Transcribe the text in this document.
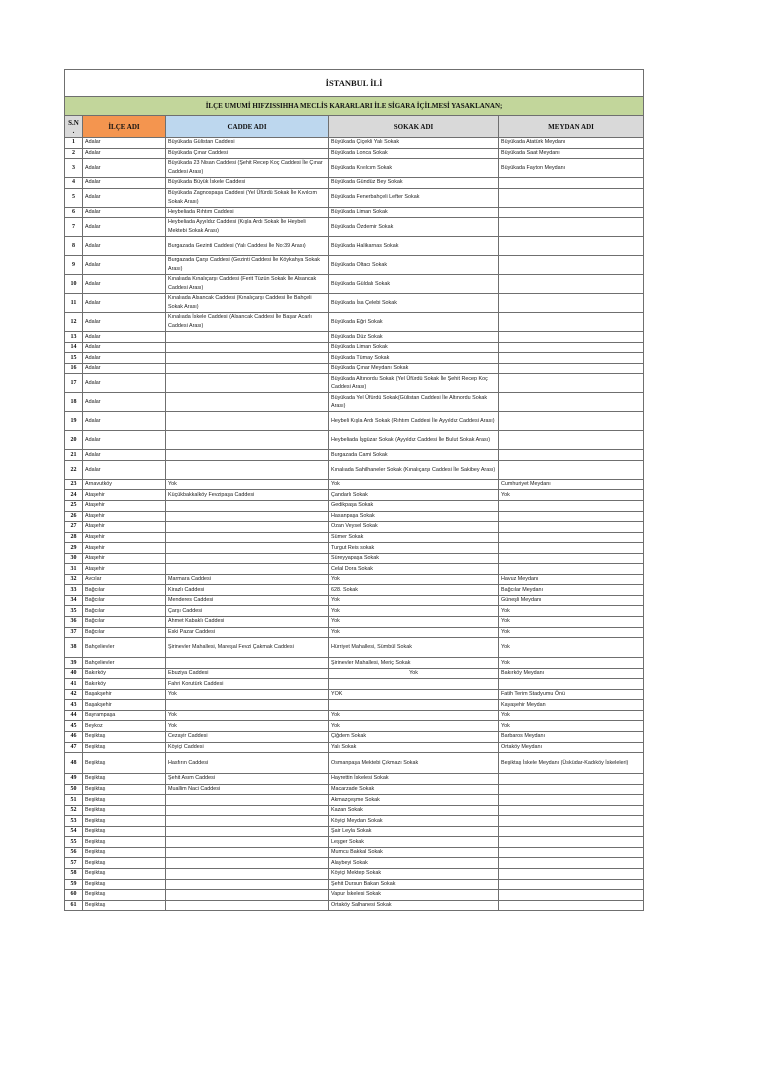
İSTANBUL İLİ				
İLÇE UMUMİ HIFZISSIHHA MECLİS KARARLARI İLE SİGARA İÇİLMESİ YASAKLANAN;				
S.N .	İLÇE ADI	CADDE ADI	SOKAK ADI	MEYDAN ADI
1	Adalar	Büyükada Gülistan Caddesi	Büyükada Çiçekli Yalı Sokak	Büyükada Atatürk Meydanı
2	Adalar	Büyükada Çınar Caddesi	Büyükada Lonca Sokak	Büyükada Saat Meydanı
3	Adalar	Büyükada 23 Nisan Caddesi (Şehit Recep Koç Caddesi İle Çınar Caddesi Arası)	Büyükada Kıvılcım Sokak	Büyükada Fayton Meydanı
4	Adalar	Büyükada Büyük İskele Caddesi	Büyükada Gündüz Bey Sokak	
5	Adalar	Büyükada Zagnospaşa Caddesi (Yel Üfürdü Sokak İle Kıvılcım Sokak Arası)	Büyükada Fenerbahçeli Lefter Sokak	
6	Adalar	Heybeliada Rıhtım Caddesi	Büyükada Liman Sokak	
7	Adalar	Heybeliada Ayyıldız Caddesi (Kışla Ardı Sokak İle Heybeli Mektebi Sokak Arası)	Büyükada Özdemir Sokak	
8	Adalar	Burgazada Gezinti Caddesi (Yalı Caddesi İle No:39 Arası)	Büyükada Halikarnas Sokak	
9	Adalar	Burgazada Çarşı Caddesi (Gezinti Caddesi İle Köykahya Sokak Arası)	Büyükada Oltacı Sokak	
10	Adalar	Kınalıada Kınalıçarşı Caddesi (Ferit Tüzün Sokak İle Alsancak Caddesi Arası)	Büyükada Güldalı Sokak	
11	Adalar	Kınalıada Alsancak Caddesi (Kınalıçarşı Caddesi İle Bahçeli Sokak Arası)	Büyükada İsa Çelebi Sokak	
12	Adalar	Kınalıada İskele Caddesi (Alsancak Caddesi İle Başar Acarlı Caddesi Arası)	Büyükada Eğri Sokak	
13	Adalar		Büyükada Düz Sokak	
14	Adalar		Büyükada Liman Sokak	
15	Adalar		Büyükada Tümay Sokak	
16	Adalar		Büyükada Çınar Meydanı Sokak	
17	Adalar		Büyükada Altınordu Sokak (Yel Üfürdü Sokak İle Şehit Recep Koç Caddesi Arası)	
18	Adalar		Büyükada Yel Üfürdü Sokak(Gülistan Caddesi İle Altınordu Sokak Arası)	
19	Adalar		Heybeli Kışla Ardı Sokak (Rıhtım Caddesi İle Ayyıldız Caddesi Arası)	
20	Adalar		Heybeliada İşgüzar Sokak (Ayyıldız Caddesi İle Bulut Sokak Arası)	
21	Adalar		Burgazada Cami Sokak	
22	Adalar		Kınalıada Sahilhaneler Sokak (Kınalıçarşı Caddesi İle Sakibey Arası)	
23	Arnavutköy	Yok	Yok	Cumhuriyet Meydanı
24	Ataşehir	Küçükbakkalköy Fevzipaşa Caddesi	Çandarlı Sokak	Yok
25	Ataşehir		Gedikpaşa Sokak	
26	Ataşehir		Hasanpaşa Sokak	
27	Ataşehir		Ozan Veysel Sokak	
28	Ataşehir		Sümer Sokak	
29	Ataşehir		Turgut Reis sokak	
30	Ataşehir		Süreyyapaşa Sokak	
31	Ataşehir		Celal Dora Sokak	
32	Avcılar	Marmara Caddesi	Yok	Havuz Meydanı
33	Bağcılar	Kirazlı Caddesi	628. Sokak	Bağcılar Meydanı
34	Bağcılar	Menderes Caddesi	Yok	Güneşli Meydanı
35	Bağcılar	Çarşı Caddesi	Yok	Yok
36	Bağcılar	Ahmet Kabaklı Caddesi	Yok	Yok
37	Bağcılar	Eski Pazar Caddesi	Yok	Yok
38	Bahçelievler	Şirinevler Mahallesi, Mareşal Fevzi Çakmak Caddesi	Hürriyet Mahallesi, Sümbül Sokak	Yok
39	Bahçelievler		Şirinevler Mahallesi, Meriç Sokak	Yok
40	Bakırköy	Ebuziya Caddesi	Yok	Bakırköy Meydanı
41	Bakırköy	Fahri Korutürk Caddesi		
42	Başakşehir	Yok	YOK	Fatih Terim Stadyumu Önü
43	Başakşehir			Kayaşehir Meydan
44	Bayrampaşa	Yok	Yok	Yok
45	Beykoz	Yok	Yok	Yok
46	Beşiktaş	Cezayir Caddesi	Çiğdem Sokak	Barbaros Meydanı
47	Beşiktaş	Köyiçi Caddesi	Yalı Sokak	Ortaköy Meydanı
48	Beşiktaş	Hasfırın Caddesi	Osmanpaşa Mektebi Çıkmazı Sokak	Beşiktaş İskele Meydanı (Üsküdar-Kadıköy İskeleleri)
49	Beşiktaş	Şehit Asım Caddesi	Hayrettin İskelesi Sokak	
50	Beşiktaş	Muallim Naci Caddesi	Macarzade Sokak	
51	Beşiktaş		Akmazçeşme Sokak	
52	Beşiktaş		Kazan Sokak	
53	Beşiktaş		Köyiçi Meydan Sokak	
54	Beşiktaş		Şair Leyla Sokak	
55	Beşiktaş		Leşger Sokak	
56	Beşiktaş		Mumcu Bakkal Sokak	
57	Beşiktaş		Alaybeyi Sokak	
58	Beşiktaş		Köyiçi Mektep Sokak	
59	Beşiktaş		Şehit Dursun Bakan Sokak	
60	Beşiktaş		Vapur İskelesi Sokak	
61	Beşiktaş		Ortaköy Salhanesi Sokak	
